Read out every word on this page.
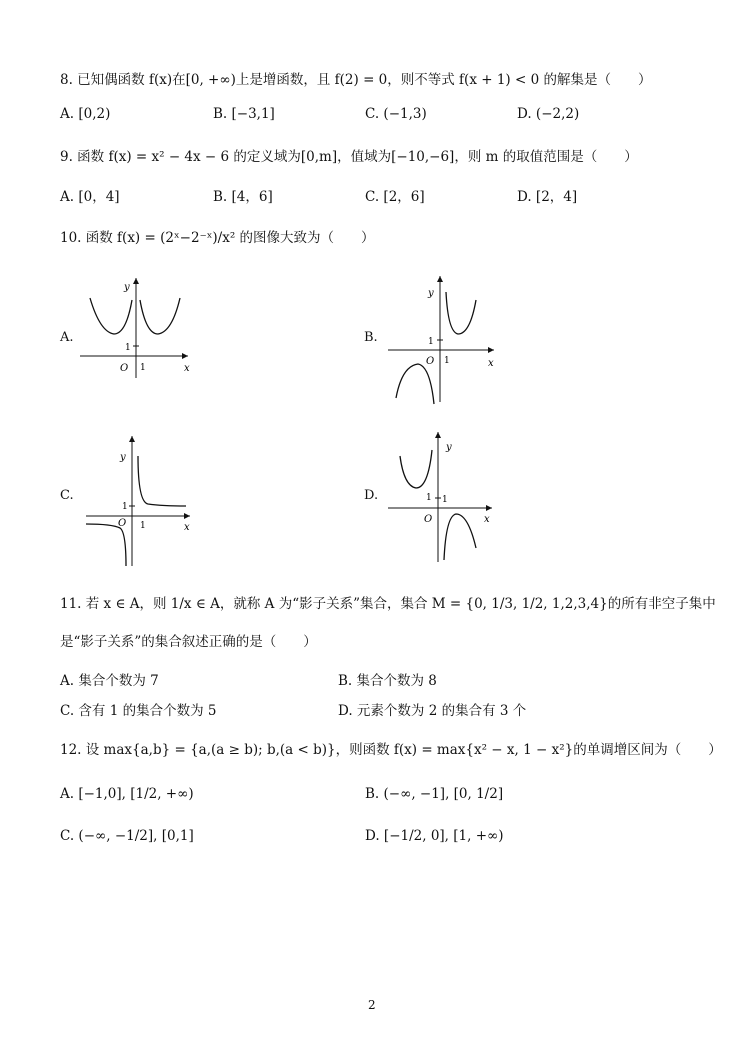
8. 已知偶函数 f(x)在[0, +∞)上是增函数，且 f(2) = 0，则不等式 f(x + 1) < 0 的解集是（　　）
A. [0,2)	B. [−3,1]	C. (−1,3)	D. (−2,2)
9. 函数 f(x) = x² − 4x − 6 的定义域为[0,m]，值域为[−10,−6]，则 m 的取值范围是（　　）
A. [0，4]	B. [4，6]	C. [2，6]	D. [2，4]
10. 函数 f(x) = (2ˣ−2⁻ˣ)/x² 的图像大致为（　　）
A.
y
x
O 1
1
B.
y
x
O 1
1
C.
y
x
O 1
1
D.
y
x
O
1
1
11. 若 x ∈ A，则 1/x ∈ A，就称 A 为“影子关系”集合，集合 M = {0, 1/3, 1/2, 1,2,3,4}的所有非空子集中
是“影子关系”的集合叙述正确的是（　　）
A. 集合个数为 7	B. 集合个数为 8
C. 含有 1 的集合个数为 5	D. 元素个数为 2 的集合有 3 个
12. 设 max{a,b} = {a,(a ≥ b); b,(a < b)}，则函数 f(x) = max{x² − x, 1 − x²}的单调增区间为（　　）
A. [−1,0], [1/2, +∞)	B. (−∞, −1], [0, 1/2]
C. (−∞, −1/2], [0,1]	D. [−1/2, 0], [1, +∞)
2
